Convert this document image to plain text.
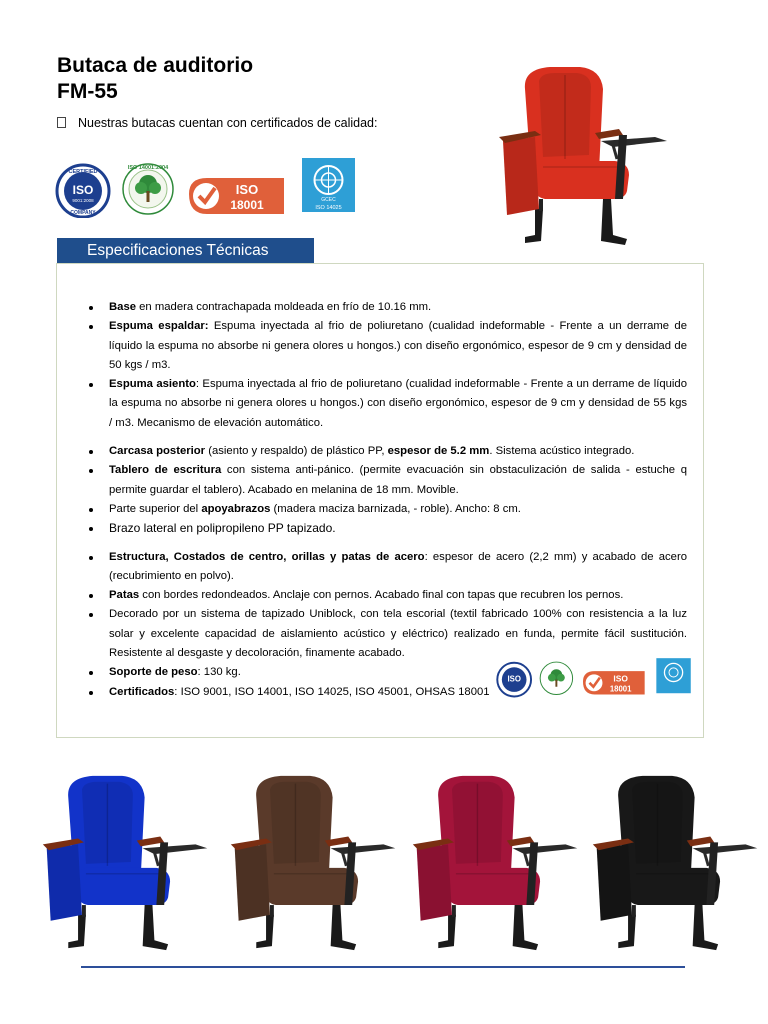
Butaca de auditorio
FM-55
Nuestras butacas cuentan con certificados de calidad:
CERTIFIED
ISO
9001:2008
COMPANY
ISO 14001:2004
ISO
18001	GCEC
ISO 14025
Especificaciones Técnicas
Base en madera contrachapada moldeada en frío de 10.16 mm.
Espuma espaldar: Espuma inyectada al frio de poliuretano (cualidad indeformable - Frente a un derrame de líquido la espuma no absorbe ni genera olores u hongos.) con diseño ergonómico, espesor de 9 cm y densidad de 50 kgs / m3.
Espuma asiento: Espuma inyectada al frio de poliuretano (cualidad indeformable - Frente a un derrame de líquido la espuma no absorbe ni genera olores u hongos.) con diseño ergonómico, espesor de 9 cm y densidad de 55 kgs / m3. Mecanismo de elevación automático.
Carcasa posterior (asiento y respaldo) de plástico PP, espesor de 5.2 mm. Sistema acústico integrado.
Tablero de escritura con sistema anti-pánico. (permite evacuación sin obstaculización de salida - estuche q permite guardar el tablero). Acabado en melanina de 18 mm. Movible.
Parte superior del apoyabrazos (madera maciza barnizada, - roble). Ancho: 8 cm.
Brazo lateral en polipropileno PP tapizado.
Estructura, Costados de centro, orillas y patas de acero: espesor de acero (2,2 mm) y acabado de acero (recubrimiento en polvo).
Patas con bordes redondeados. Anclaje con pernos. Acabado final con tapas que recubren los pernos.
Decorado por un sistema de tapizado Uniblock, con tela escorial (textil fabricado 100% con resistencia a la luz solar y excelente capacidad de aislamiento acústico y eléctrico) realizado en funda, permite fácil sustitución. Resistente al desgaste y decoloración, finamente acabado.
Soporte de peso: 130 kg.
Certificados: ISO 9001, ISO 14001, ISO 14025, ISO 45001, OHSAS 18001
ISO	ISO
18001
